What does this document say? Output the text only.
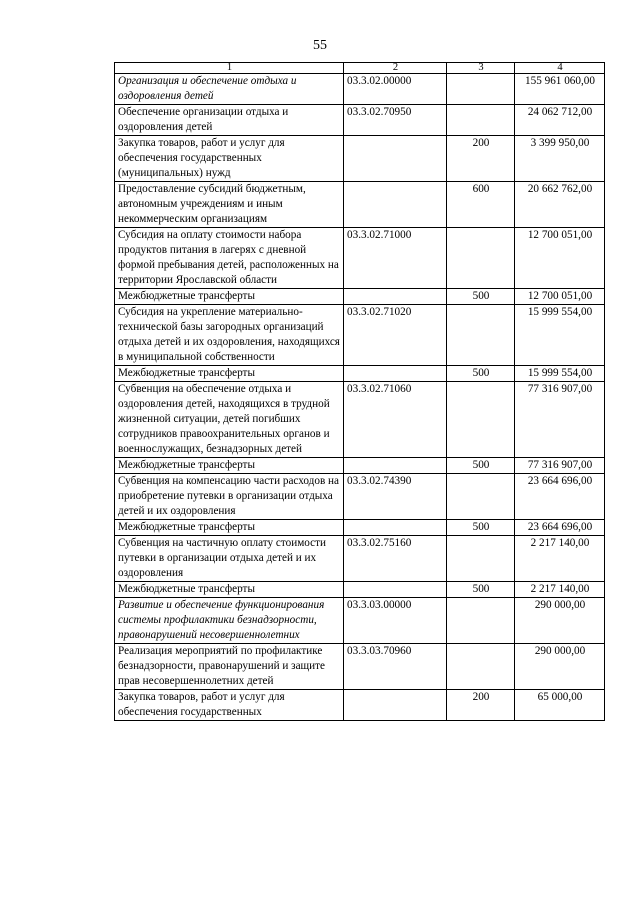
55
1	2	3	4
Организация и обеспечение отдыха и оздоровления детей	03.3.02.00000		155 961 060,00
Обеспечение организации отдыха и оздоровления детей	03.3.02.70950		24 062 712,00
Закупка товаров, работ и услуг для обеспечения государственных (муниципальных) нужд		200	3 399 950,00
Предоставление субсидий бюджетным, автономным учреждениям и иным некоммерческим организациям		600	20 662 762,00
Субсидия на оплату стоимости набора продуктов питания в лагерях с дневной формой пребывания детей, расположенных на территории Ярославской области	03.3.02.71000		12 700 051,00
Межбюджетные трансферты		500	12 700 051,00
Субсидия на укрепление материально-технической базы загородных организаций отдыха детей и их оздоровления, находящихся в муниципальной собственности	03.3.02.71020		15 999 554,00
Межбюджетные трансферты		500	15 999 554,00
Субвенция на обеспечение отдыха и оздоровления детей, находящихся в трудной жизненной ситуации, детей погибших сотрудников правоохранительных органов и военнослужащих, безнадзорных детей	03.3.02.71060		77 316 907,00
Межбюджетные трансферты		500	77 316 907,00
Субвенция на компенсацию части расходов на приобретение путевки в организации отдыха детей и их оздоровления	03.3.02.74390		23 664 696,00
Межбюджетные трансферты		500	23 664 696,00
Субвенция на частичную оплату стоимости путевки в организации отдыха детей и их оздоровления	03.3.02.75160		2 217 140,00
Межбюджетные трансферты		500	2 217 140,00
Развитие и обеспечение функционирования системы профилактики безнадзорности, правонарушений несовершеннолетних	03.3.03.00000		290 000,00
Реализация мероприятий по профилактике безнадзорности, правонарушений и защите прав несовершеннолетних детей	03.3.03.70960		290 000,00
Закупка товаров, работ и услуг для обеспечения государственных		200	65 000,00
